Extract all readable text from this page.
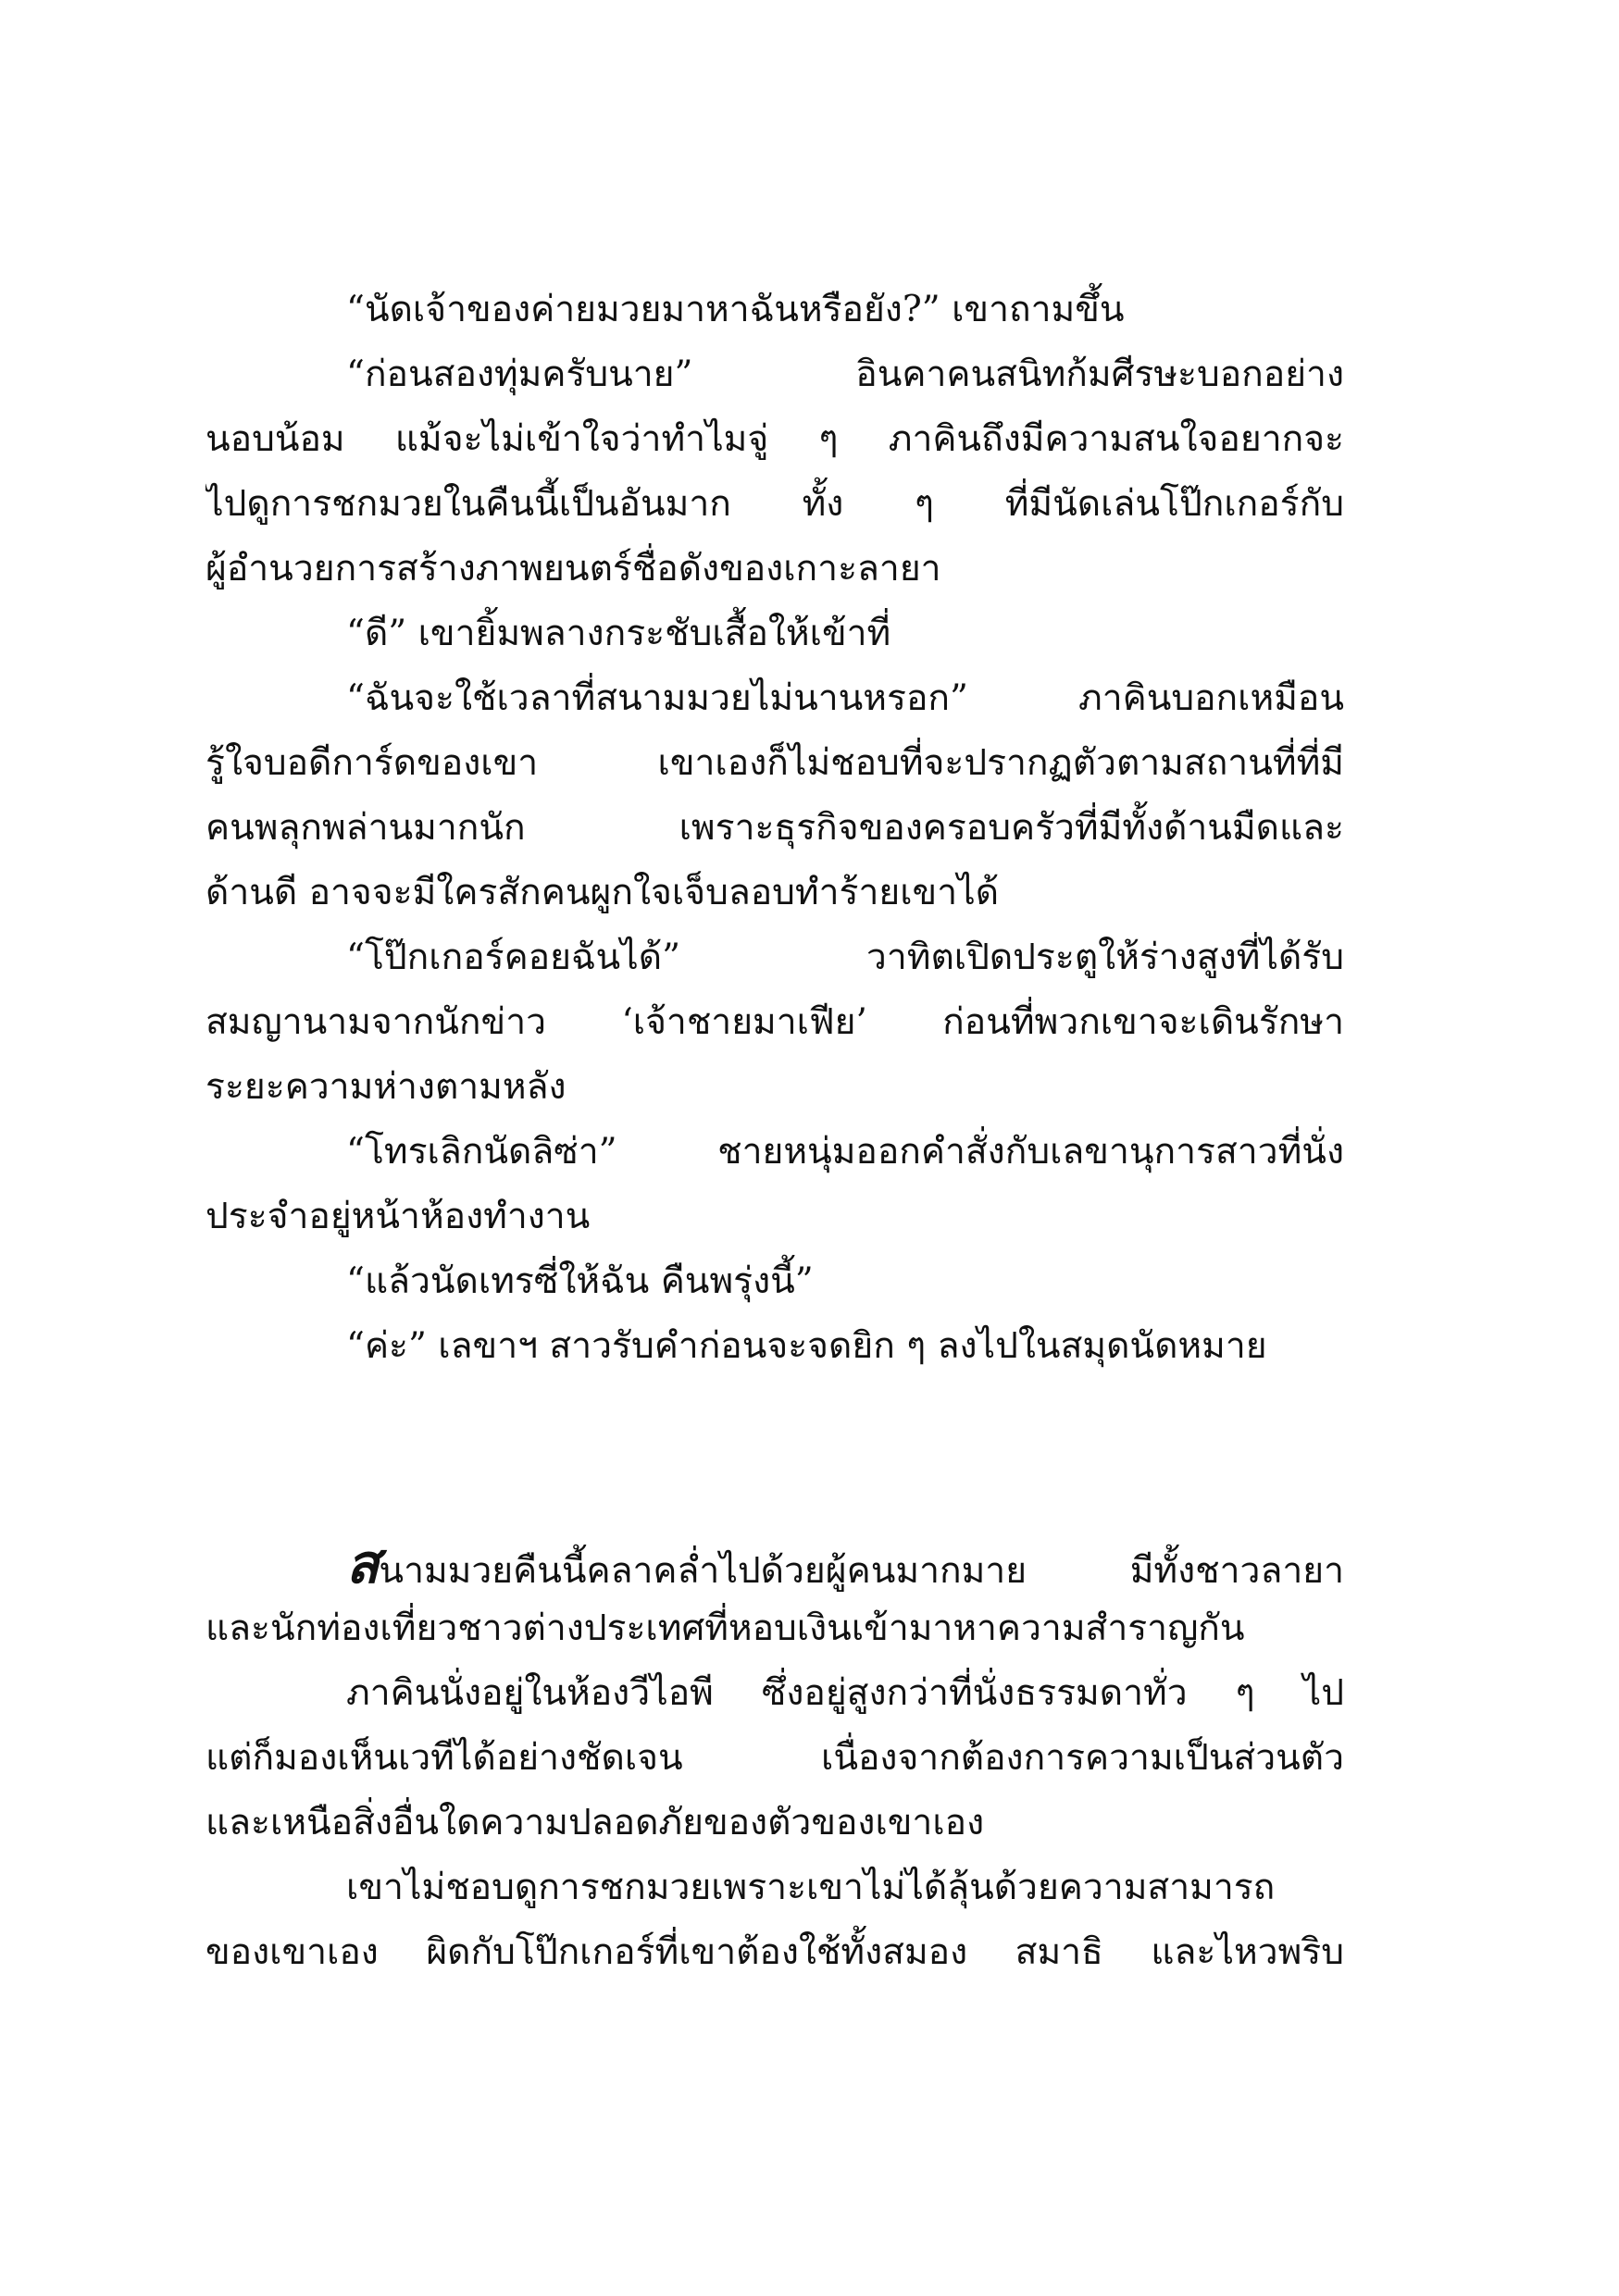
“นัดเจ้าของค่ายมวยมาหาฉันหรือยัง?” เขาถามขึ้น
“ก่อนสองทุ่มครับนาย” อินคาคนสนิทก้มศีรษะบอกอย่าง
นอบน้อม แม้จะไม่เข้าใจว่าทำไมจู่ ๆ ภาคินถึงมีความสนใจอยากจะ
ไปดูการชกมวยในคืนนี้เป็นอันมาก ทั้ง ๆ ที่มีนัดเล่นโป๊กเกอร์กับ
ผู้อำนวยการสร้างภาพยนตร์ชื่อดังของเกาะลายา
“ดี” เขายิ้มพลางกระชับเสื้อให้เข้าที่
“ฉันจะใช้เวลาที่สนามมวยไม่นานหรอก” ภาคินบอกเหมือน
รู้ใจบอดีการ์ดของเขา เขาเองก็ไม่ชอบที่จะปรากฏตัวตามสถานที่ที่มี
คนพลุกพล่านมากนัก เพราะธุรกิจของครอบครัวที่มีทั้งด้านมืดและ
ด้านดี อาจจะมีใครสักคนผูกใจเจ็บลอบทำร้ายเขาได้
“โป๊กเกอร์คอยฉันได้” วาทิตเปิดประตูให้ร่างสูงที่ได้รับ
สมญานามจากนักข่าว ‘เจ้าชายมาเฟีย’ ก่อนที่พวกเขาจะเดินรักษา
ระยะความห่างตามหลัง
“โทรเลิกนัดลิซ่า” ชายหนุ่มออกคำสั่งกับเลขานุการสาวที่นั่ง
ประจำอยู่หน้าห้องทำงาน
“แล้วนัดเทรซี่ให้ฉัน คืนพรุ่งนี้”
“ค่ะ” เลขาฯ สาวรับคำก่อนจะจดยิก ๆ ลงไปในสมุดนัดหมาย
สนามมวยคืนนี้คลาคล่ำไปด้วยผู้คนมากมาย มีทั้งชาวลายา
และนักท่องเที่ยวชาวต่างประเทศที่หอบเงินเข้ามาหาความสำราญกัน
ภาคินนั่งอยู่ในห้องวีไอพี ซึ่งอยู่สูงกว่าที่นั่งธรรมดาทั่ว ๆ ไป
แต่ก็มองเห็นเวทีได้อย่างชัดเจน เนื่องจากต้องการความเป็นส่วนตัว
และเหนือสิ่งอื่นใดความปลอดภัยของตัวของเขาเอง
เขาไม่ชอบดูการชกมวยเพราะเขาไม่ได้ลุ้นด้วยความสามารถ
ของเขาเอง ผิดกับโป๊กเกอร์ที่เขาต้องใช้ทั้งสมอง สมาธิ และไหวพริบ
